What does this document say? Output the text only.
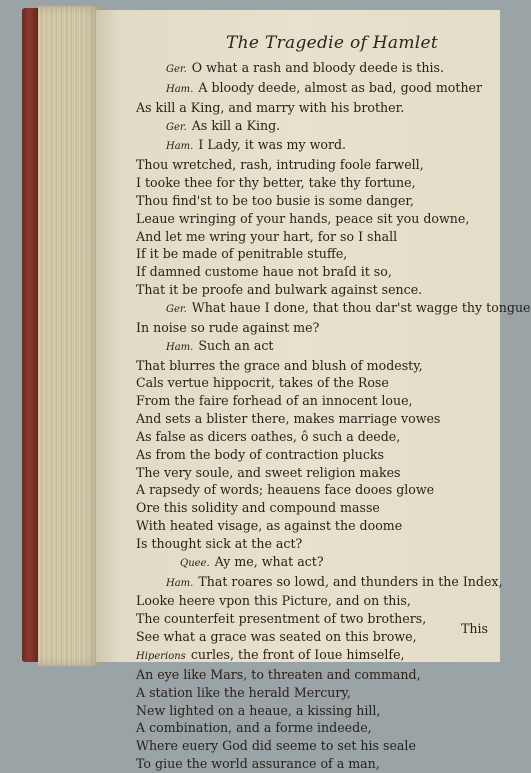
The Tragedie of Hamlet
Ger. O what a rash and bloody deede is this.
Ham. A bloody deede, almost as bad, good mother
As kill a King, and marry with his brother.
Ger. As kill a King.
Ham. I Lady, it was my word.
Thou wretched, rash, intruding foole farwell,
I tooke thee for thy better, take thy fortune,
Thou find'st to be too busie is some danger,
Leaue wringing of your hands, peace sit you downe,
And let me wring your hart, for so I shall
If it be made of penitrable stuffe,
If damned custome haue not braſd it so,
That it be proofe and bulwark against sence.
Ger. What haue I done, that thou dar'st wagge thy tongue
In noise so rude against me?
Ham. Such an act
That blurres the grace and blush of modesty,
Cals vertue hippocrit, takes of the Rose
From the faire forhead of an innocent loue,
And sets a blister there, makes marriage vowes
As false as dicers oathes, ô such a deede,
As from the body of contraction plucks
The very soule, and sweet religion makes
A rapsedy of words; heauens face dooes glowe
Ore this solidity and compound masse
With heated visage, as against the doome
Is thought sick at the act?
Quee. Ay me, what act?
Ham. That roares so lowd, and thunders in the Index,
Looke heere vpon this Picture, and on this,
The counterfeit presentment of two brothers,
See what a grace was seated on this browe,
Hiperions curles, the front of Ioue himselfe,
An eye like Mars, to threaten and command,
A station like the herald Mercury,
New lighted on a heaue, a kissing hill,
A combination, and a forme indeede,
Where euery God did seeme to set his seale
To giue the world assurance of a man,
This
